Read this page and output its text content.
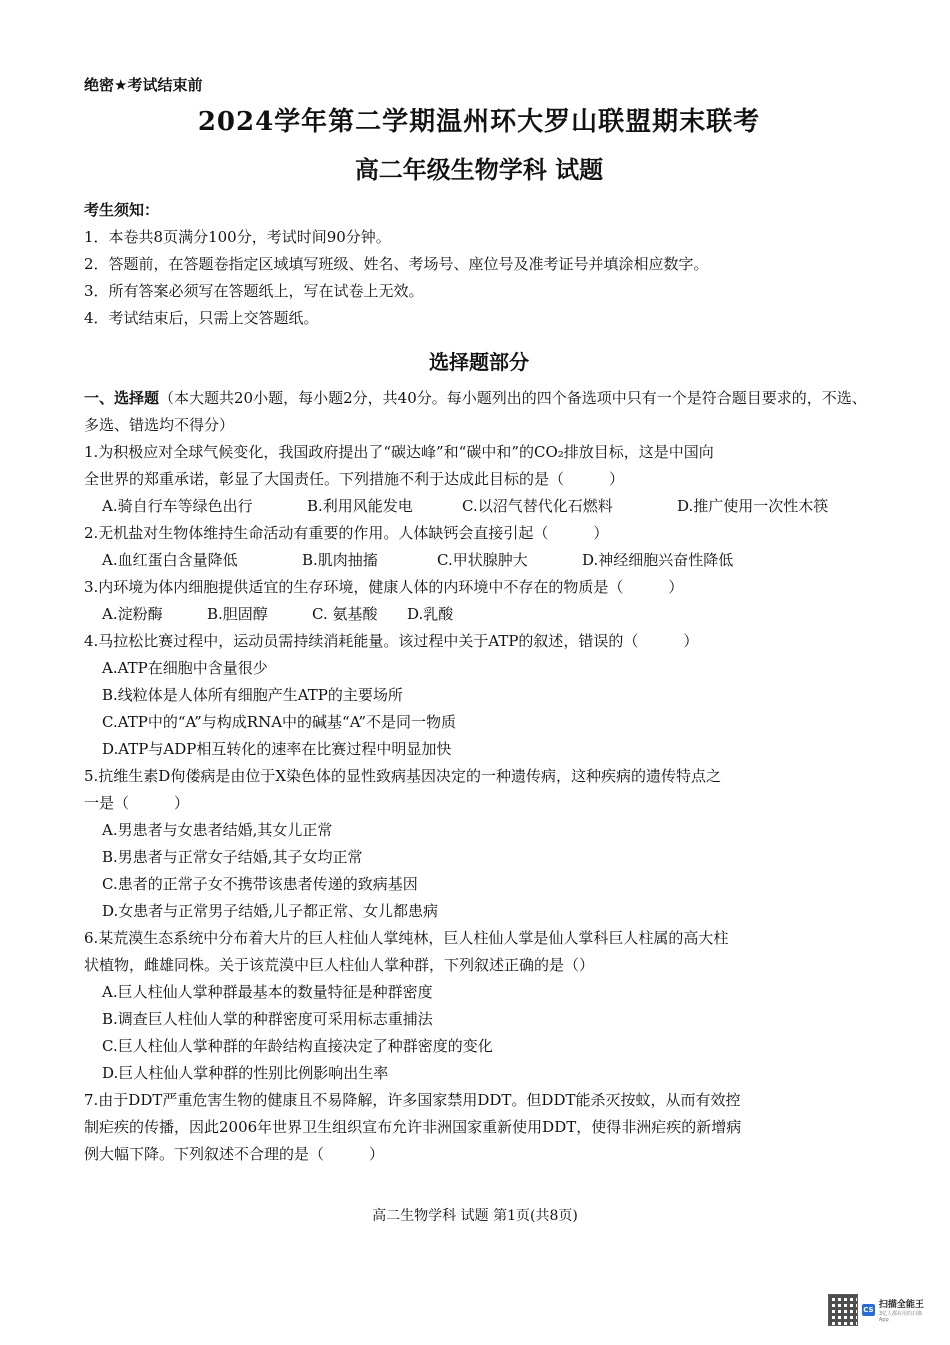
绝密★考试结束前
2024学年第二学期温州环大罗山联盟期末联考
高二年级生物学科 试题
考生须知：
1．本卷共8页满分100分，考试时间90分钟。
2．答题前，在答题卷指定区域填写班级、姓名、考场号、座位号及准考证号并填涂相应数字。
3．所有答案必须写在答题纸上，写在试卷上无效。
4．考试结束后，只需上交答题纸。
选择题部分
一、选择题（本大题共20小题，每小题2分，共40分。每小题列出的四个备选项中只有一个是符合题目要求的，不选、多选、错选均不得分）
1.为积极应对全球气候变化，我国政府提出了“碳达峰”和“碳中和”的CO₂排放目标，这是中国向
全世界的郑重承诺，彰显了大国责任。下列措施不利于达成此目标的是（　　　）
A.骑自行车等绿色出行	B.利用风能发电	C.以沼气替代化石燃料	D.推广使用一次性木筷
2.无机盐对生物体维持生命活动有重要的作用。人体缺钙会直接引起（　　　）
A.血红蛋白含量降低	B.肌肉抽搐	C.甲状腺肿大	D.神经细胞兴奋性降低
3.内环境为体内细胞提供适宜的生存环境，健康人体的内环境中不存在的物质是（　　　）
A.淀粉酶	B.胆固醇	C. 氨基酸 D.乳酸
4.马拉松比赛过程中，运动员需持续消耗能量。该过程中关于ATP的叙述，错误的（　　　）
A.ATP在细胞中含量很少
B.线粒体是人体所有细胞产生ATP的主要场所
C.ATP中的“A”与构成RNA中的碱基“A”不是同一物质
D.ATP与ADP相互转化的速率在比赛过程中明显加快
5.抗维生素D佝偻病是由位于X染色体的显性致病基因决定的一种遗传病，这种疾病的遗传特点之
一是（　　　）
A.男患者与女患者结婚,其女儿正常
B.男患者与正常女子结婚,其子女均正常
C.患者的正常子女不携带该患者传递的致病基因
D.女患者与正常男子结婚,儿子都正常、女儿都患病
6.某荒漠生态系统中分布着大片的巨人柱仙人掌纯林，巨人柱仙人掌是仙人掌科巨人柱属的高大柱
状植物，雌雄同株。关于该荒漠中巨人柱仙人掌种群，下列叙述正确的是（）
A.巨人柱仙人掌种群最基本的数量特征是种群密度
B.调查巨人柱仙人掌的种群密度可采用标志重捕法
C.巨人柱仙人掌种群的年龄结构直接决定了种群密度的变化
D.巨人柱仙人掌种群的性别比例影响出生率
7.由于DDT严重危害生物的健康且不易降解，许多国家禁用DDT。但DDT能杀灭按蚊，从而有效控
制疟疾的传播，因此2006年世界卫生组织宣布允许非洲国家重新使用DDT，使得非洲疟疾的新增病
例大幅下降。下列叙述不合理的是（　　　）
高二生物学科 试题 第1页(共8页)
CS 扫描全能王
3亿人都在用的扫描App
